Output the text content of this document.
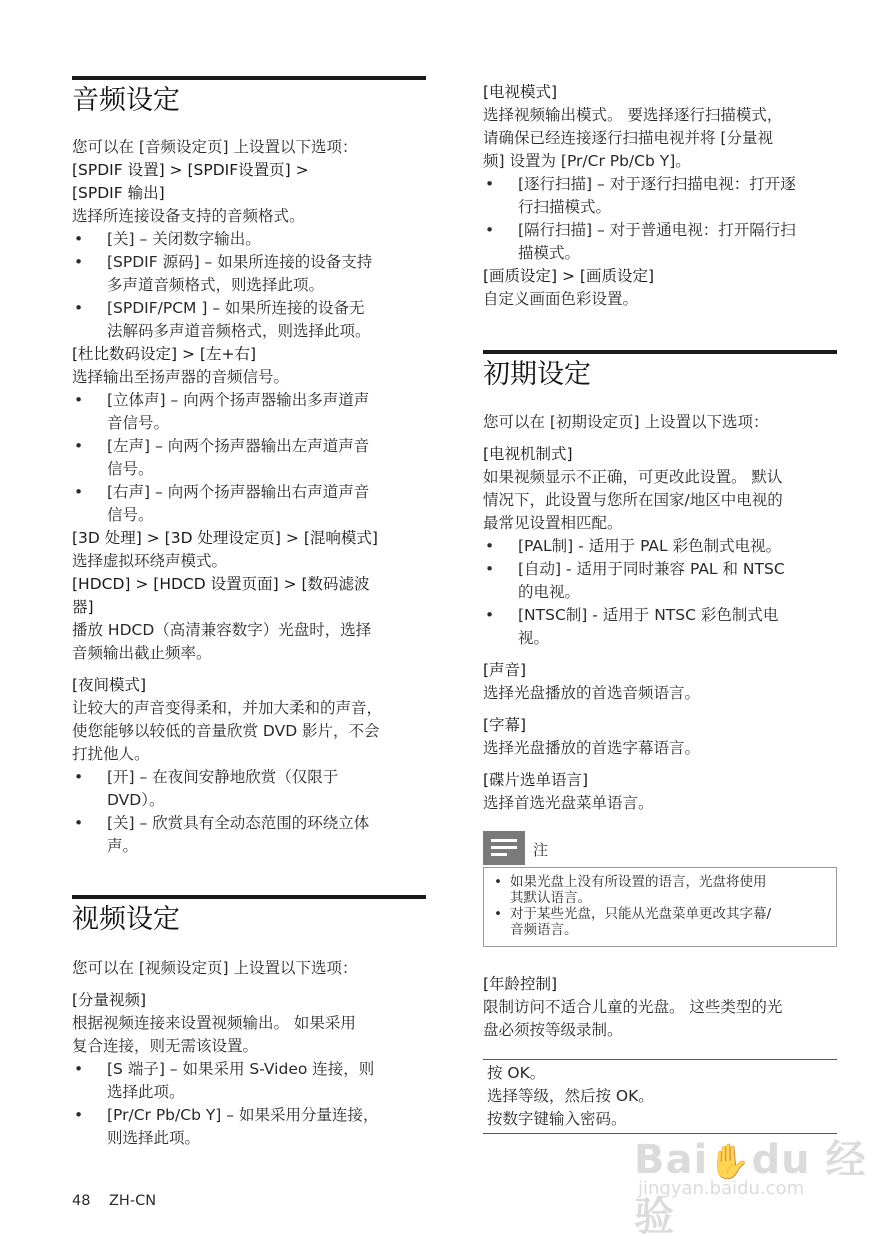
音频设定

您可以在 [音频设定页] 上设置以下选项：

[SPDIF 设置] > [SPDIF设置页] >

[SPDIF 输出]

选择所连接设备支持的音频格式。

• [关] – 关闭数字输出。
• [SPDIF 源码] – 如果所连接的设备支持
多声道音频格式，则选择此项。
• [SPDIF/PCM ] – 如果所连接的设备无
法解码多声道音频格式，则选择此项。

[杜比数码设定] > [左+右]

选择输出至扬声器的音频信号。

• [立体声] – 向两个扬声器输出多声道声
音信号。
• [左声] – 向两个扬声器输出左声道声音
信号。
• [右声] – 向两个扬声器输出右声道声音
信号。

[3D 处理] > [3D 处理设定页] > [混响模式]

选择虚拟环绕声模式。

[HDCD] > [HDCD 设置页面] > [数码滤波

器]

播放 HDCD（高清兼容数字）光盘时，选择

音频输出截止频率。

[夜间模式]

让较大的声音变得柔和，并加大柔和的声音，

使您能够以较低的音量欣赏 DVD 影片，不会

打扰他人。

• [开] – 在夜间安静地欣赏（仅限于
DVD）。
• [关] – 欣赏具有全动态范围的环绕立体
声。
视频设定

您可以在 [视频设定页] 上设置以下选项：

[分量视频]

根据视频连接来设置视频输出。 如果采用

复合连接，则无需该设置。

• [S 端子] – 如果采用 S-Video 连接，则
选择此项。
• [Pr/Cr Pb/Cb Y] – 如果采用分量连接，
则选择此项。

[电视模式]

选择视频输出模式。 要选择逐行扫描模式，

请确保已经连接逐行扫描电视并将 [分量视

频] 设置为 [Pr/Cr Pb/Cb Y]。

• [逐行扫描] – 对于逐行扫描电视：打开逐
行扫描模式。
• [隔行扫描] – 对于普通电视：打开隔行扫
描模式。

[画质设定] > [画质设定]

自定义画面色彩设置。

初期设定

您可以在 [初期设定页] 上设置以下选项：

[电视机制式]

如果视频显示不正确，可更改此设置。 默认

情况下，此设置与您所在国家/地区中电视的

最常见设置相匹配。

• [PAL制] - 适用于 PAL 彩色制式电视。
• [自动] - 适用于同时兼容 PAL 和 NTSC
的电视。
• [NTSC制] - 适用于 NTSC 彩色制式电
视。

[声音]

选择光盘播放的首选音频语言。

[字幕]

选择光盘播放的首选字幕语言。

[碟片选单语言]

选择首选光盘菜单语言。

注
• 如果光盘上没有所设置的语言，光盘将使用
其默认语言。
• 对于某些光盘，只能从光盘菜单更改其字幕/
音频语言。

[年龄控制]

限制访问不适合儿童的光盘。 这些类型的光

盘必须按等级录制。

按 OK。

选择等级，然后按 OK。

按数字键输入密码。

48 ZH-CN
Bai✋du 经验
jingyan.baidu.com
